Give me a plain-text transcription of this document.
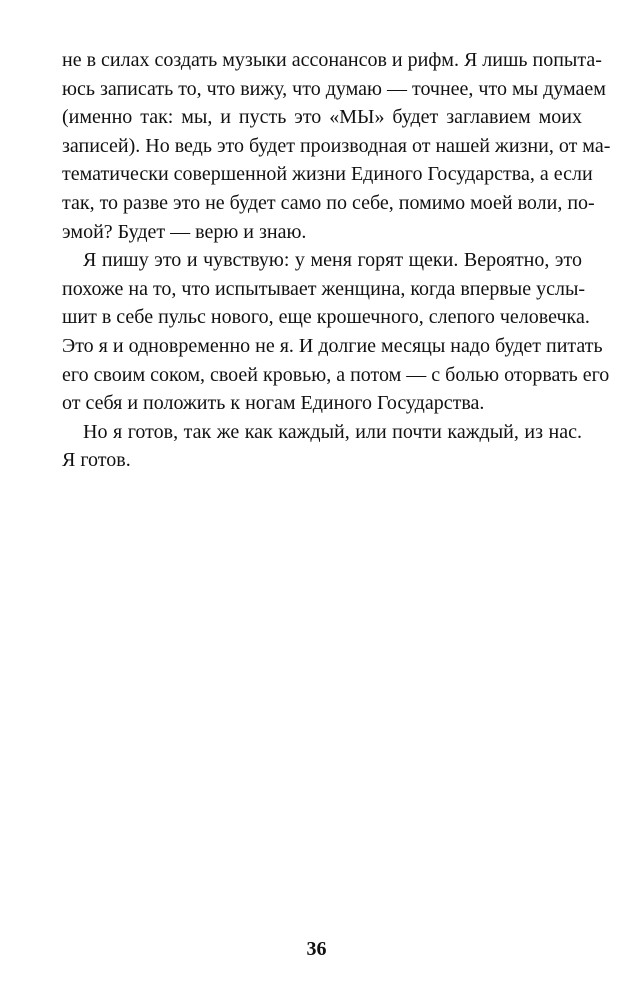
не в силах создать музыки ассонансов и рифм. Я лишь попыта-
юсь записать то, что вижу, что думаю — точнее, что мы думаем
(именно так: мы, и пусть это «МЫ» будет заглавием моих
записей). Но ведь это будет производная от нашей жизни, от ма-
тематически совершенной жизни Единого Государства, а если
так, то разве это не будет само по себе, помимо моей воли, по-
эмой? Будет — верю и знаю.
Я пишу это и чувствую: у меня горят щеки. Вероятно, это
похоже на то, что испытывает женщина, когда впервые услы-
шит в себе пульс нового, еще крошечного, слепого человечка.
Это я и одновременно не я. И долгие месяцы надо будет питать
его своим соком, своей кровью, а потом — с болью оторвать его
от себя и положить к ногам Единого Государства.
Но я готов, так же как каждый, или почти каждый, из нас.
Я готов.
36
